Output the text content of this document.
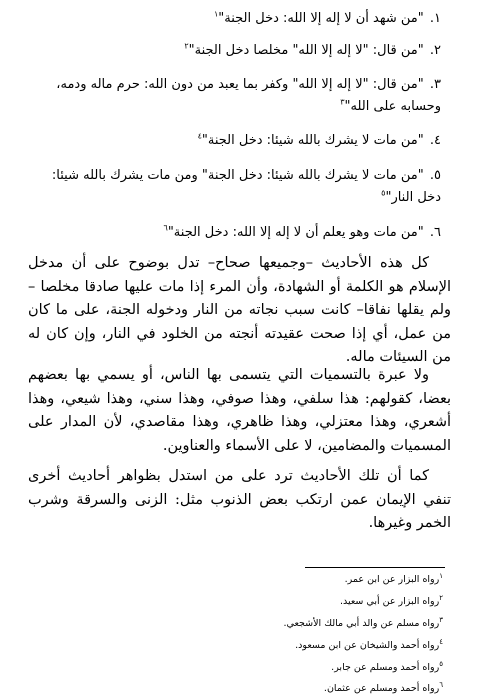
١. "من شهد أن لا إله إلا الله: دخل الجنة"$^١$

٢. "من قال: "لا إله إلا الله" مخلصا دخل الجنة"$^٢$

٣. "من قال: "لا إله إلا الله" وكفر بما يعبد من دون الله: حرم ماله ودمه، وحسابه على الله"$^٣$

٤. "من مات لا يشرك بالله شيئا: دخل الجنة"$^٤$

٥. "من مات لا يشرك بالله شيئا: دخل الجنة" ومن مات يشرك بالله شيئا: دخل النار"$^٥$

٦. "من مات وهو يعلم أن لا إله إلا الله: دخل الجنة"$^٦$

كل هذه الأحاديث –وجميعها صحاح– تدل بوضوح على أن مدخل الإسلام هو الكلمة أو الشهادة، وأن المرء إذا مات عليها صادقا مخلصا –ولم يقلها نفاقا– كانت سبب نجاته من النار ودخوله الجنة، على ما كان من عمل، أي إذا صحت عقيدته أنجته من الخلود في النار، وإن كان له من السيئات ماله.

ولا عبرة بالتسميات التي يتسمى بها الناس، أو يسمي بها بعضهم بعضا، كقولهم: هذا سلفي، وهذا صوفي، وهذا سني، وهذا شيعي، وهذا أشعري، وهذا معتزلي، وهذا ظاهري، وهذا مقاصدي، لأن المدار على المسميات والمضامين، لا على الأسماء والعناوين.

كما أن تلك الأحاديث ترد على من استدل بظواهر أحاديث أخرى تنفي الإيمان عمن ارتكب بعض الذنوب مثل: الزنى والسرقة وشرب الخمر وغيرها.

$^١$رواه البزار عن ابن عمر.

$^٢$رواه البزار عن أبي سعيد.

$^٣$رواه مسلم عن والد أبي مالك الأشجعي.

$^٤$رواه أحمد والشيخان عن ابن مسعود.

$^٥$رواه أحمد ومسلم عن جابر.

$^٦$رواه أحمد ومسلم عن عثمان.
